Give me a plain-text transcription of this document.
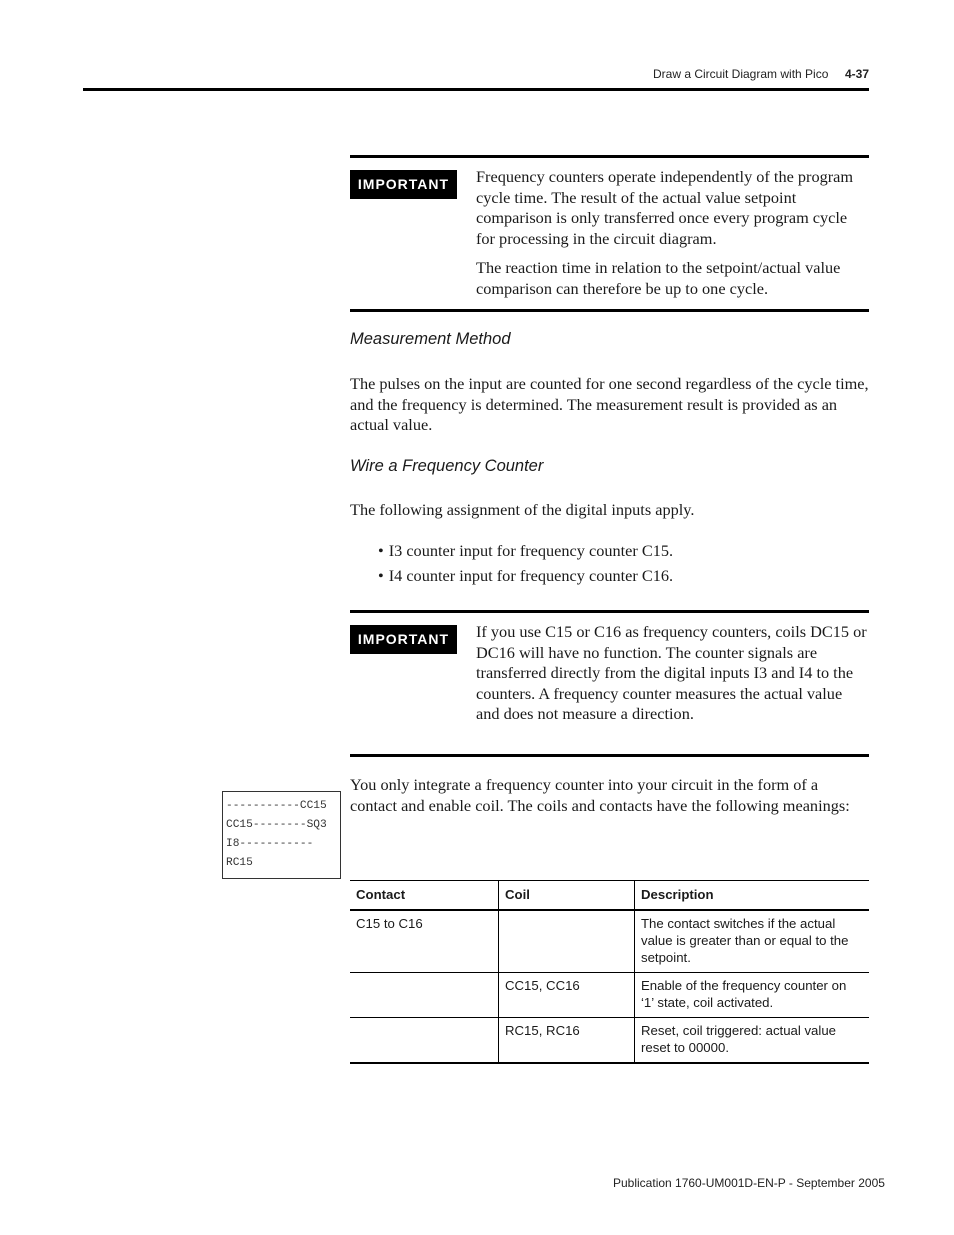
Draw a Circuit Diagram with Pico 4-37
IMPORTANT	Frequency counters operate independently of the program cycle time. The result of the actual value setpoint comparison is only transferred once every program cycle for processing in the circuit diagram.

The reaction time in relation to the setpoint/actual value comparison can therefore be up to one cycle.

Measurement Method

The pulses on the input are counted for one second regardless of the cycle time, and the frequency is determined. The measurement result is provided as an actual value.

Wire a Frequency Counter

The following assignment of the digital inputs apply.

• I3 counter input for frequency counter C15.
• I4 counter input for frequency counter C16.
IMPORTANT	If you use C15 or C16 as frequency counters, coils DC15 or DC16 will have no function. The counter signals are transferred directly from the digital inputs I3 and I4 to the counters. A frequency counter measures the actual value and does not measure a direction.

You only integrate a frequency counter into your circuit in the form of a contact and enable coil. The coils and contacts have the following meanings:

-----------CC15
CC15--------SQ3
I8-----------
RC15
Contact	Coil	Description
C15 to C16		The contact switches if the actual value is greater than or equal to the setpoint.
	CC15, CC16	Enable of the frequency counter on ‘1’ state, coil activated.
	RC15, RC16	Reset, coil triggered: actual value reset to 00000.
Publication 1760-UM001D-EN-P - September 2005
